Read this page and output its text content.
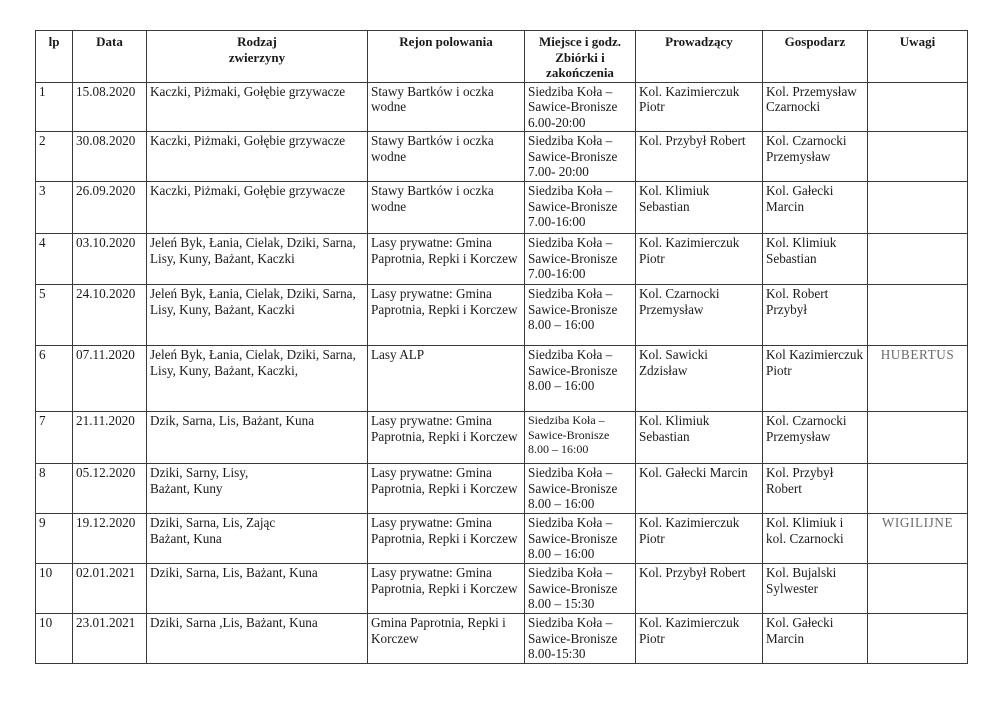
lp	Data	Rodzaj zwierzyny	Rejon polowania	Miejsce i godz. Zbiórki i zakończenia	Prowadzący	Gospodarz	Uwagi
1	15.08.2020	Kaczki, Piżmaki, Gołębie grzywacze	Stawy Bartków i oczka wodne	Siedziba Koła – Sawice-Bronisze 6.00-20:00	Kol. Kazimierczuk Piotr	Kol. Przemysław Czarnocki	
2	30.08.2020	Kaczki, Piżmaki, Gołębie grzywacze	Stawy Bartków i oczka wodne	Siedziba Koła – Sawice-Bronisze 7.00- 20:00	Kol. Przybył Robert	Kol. Czarnocki Przemysław	
3	26.09.2020	Kaczki, Piżmaki, Gołębie grzywacze	Stawy Bartków i oczka wodne	Siedziba Koła – Sawice-Bronisze 7.00-16:00	Kol. Klimiuk Sebastian	Kol. Gałecki Marcin	
4	03.10.2020	Jeleń Byk, Łania, Cielak, Dziki, Sarna, Lisy, Kuny, Bażant, Kaczki	Lasy prywatne: Gmina Paprotnia, Repki i Korczew	Siedziba Koła – Sawice-Bronisze 7.00-16:00	Kol. Kazimierczuk Piotr	Kol. Klimiuk Sebastian	
5	24.10.2020	Jeleń Byk, Łania, Cielak, Dziki, Sarna, Lisy, Kuny, Bażant, Kaczki	Lasy prywatne: Gmina Paprotnia, Repki i Korczew	Siedziba Koła – Sawice-Bronisze 8.00 – 16:00	Kol. Czarnocki Przemysław	Kol. Robert Przybył	
6	07.11.2020	Jeleń Byk, Łania, Cielak, Dziki, Sarna, Lisy, Kuny, Bażant, Kaczki,	Lasy ALP	Siedziba Koła – Sawice-Bronisze 8.00 – 16:00	Kol. Sawicki Zdzisław	Kol Kazimierczuk Piotr	HUBERTUS
7	21.11.2020	Dzik, Sarna, Lis, Bażant, Kuna	Lasy prywatne: Gmina Paprotnia, Repki i Korczew	Siedziba Koła – Sawice-Bronisze 8.00 – 16:00	Kol. Klimiuk Sebastian	Kol. Czarnocki Przemysław	
8	05.12.2020	Dziki, Sarny, Lisy,
Bażant, Kuny	Lasy prywatne: Gmina Paprotnia, Repki i Korczew	Siedziba Koła – Sawice-Bronisze 8.00 – 16:00	Kol. Gałecki Marcin	Kol. Przybył Robert	
9	19.12.2020	Dziki, Sarna, Lis, Zając
Bażant, Kuna	Lasy prywatne: Gmina Paprotnia, Repki i Korczew	Siedziba Koła – Sawice-Bronisze 8.00 – 16:00	Kol. Kazimierczuk Piotr	Kol. Klimiuk i kol. Czarnocki	WIGILIJNE
10	02.01.2021	Dziki, Sarna, Lis, Bażant, Kuna	Lasy prywatne: Gmina Paprotnia, Repki i Korczew	Siedziba Koła – Sawice-Bronisze 8.00 – 15:30	Kol. Przybył Robert	Kol. Bujalski Sylwester	
10	23.01.2021	Dziki, Sarna ,Lis, Bażant, Kuna	Gmina Paprotnia, Repki i Korczew	Siedziba Koła – Sawice-Bronisze 8.00-15:30	Kol. Kazimierczuk Piotr	Kol. Gałecki Marcin	
